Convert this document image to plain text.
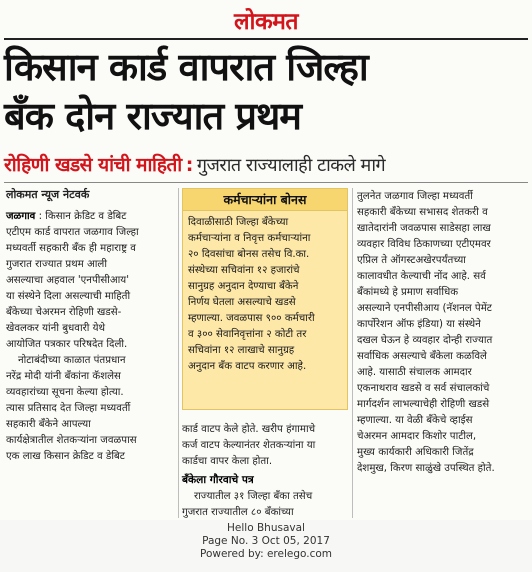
लोकमत
किसान कार्ड वापरात जिल्हा
बँक दोन राज्यात प्रथम
रोहिणी खडसे यांची माहिती : गुजरात राज्यालाही टाकले मागे
लोकमत न्यूज नेटवर्क
जळगाव : किसान क्रेडिट व डेबिट
एटीएम कार्ड वापरात जळगाव जिल्हा
मध्यवर्ती सहकारी बँक ही महाराष्ट्र व
गुजरात राज्यात प्रथम आली
असल्याचा अहवाल 'एनपीसीआय'
या संस्थेने दिला असल्याची माहिती
बँकेच्या चेअरमन रोहिणी खडसे-
खेवलकर यांनी बुधवारी येथे
आयोजित पत्रकार परिषदेत दिली.
नोटाबंदीच्या काळात पंतप्रधान
नरेंद्र मोदी यांनी बँकांना कॅशलेस
व्यवहारांच्या सूचना केल्या होत्या.
त्यास प्रतिसाद देत जिल्हा मध्यवर्ती
सहकारी बँकेने आपल्या
कार्यक्षेत्रातील शेतकऱ्यांना जवळपास
एक लाख किसान क्रेडिट व डेबिट
कर्मचाऱ्यांना बोनस
दिवाळीसाठी जिल्हा बँकेच्या
कर्मचाऱ्यांना व निवृत्त कर्मचाऱ्यांना
२० दिवसांचा बोनस तसेच वि.का.
संस्थेच्या सचिवांना १२ हजारांचे
सानुग्रह अनुदान देण्याचा बँकेने
निर्णय घेतला असल्याचे खडसे
म्हणाल्या. जवळपास ९०० कर्मचारी
व ३०० सेवानिवृत्तांना २ कोटी तर
सचिवांना १२ लाखाचे सानुग्रह
अनुदान बँक वाटप करणार आहे.
कार्ड वाटप केले होते. खरीप हंगामाचे
कर्ज वाटप केल्यानंतर शेतकऱ्यांना या
कार्डचा वापर केला होता.
बँकेला गौरवाचे पत्र
राज्यातील ३१ जिल्हा बँका तसेच
गुजरात राज्यातील ८० बँकांच्या
तुलनेत जळगाव जिल्हा मध्यवर्ती
सहकारी बँकेच्या सभासद शेतकरी व
खातेदारांनी जवळपास साडेसहा लाख
व्यवहार विविध ठिकाणच्या एटीएमवर
एप्रिल ते ऑगस्टअखेरपर्यंतच्या
कालावधीत केल्याची नोंद आहे. सर्व
बँकांमध्ये हे प्रमाण सर्वाधिक
असल्याने एनपीसीआय (नॅशनल पेमेंट
कार्पोरेशन ऑफ इंडिया) या संस्थेने
दखल घेऊन हे व्यवहार दोन्ही राज्यात
सर्वाधिक असल्याचे बँकेला कळविले
आहे. यासाठी संचालक आमदार
एकनाथराव खडसे व सर्व संचालकांचे
मार्गदर्शन लाभल्याचेही रोहिणी खडसे
म्हणाल्या. या वेळी बँकेचे व्हाईस
चेअरमन आमदार किशोर पाटील,
मुख्य कार्यकारी अधिकारी जितेंद्र
देशमुख, किरण साळुंखे उपस्थित होते.
Hello Bhusaval
Page No. 3 Oct 05, 2017
Powered by: erelego.com
